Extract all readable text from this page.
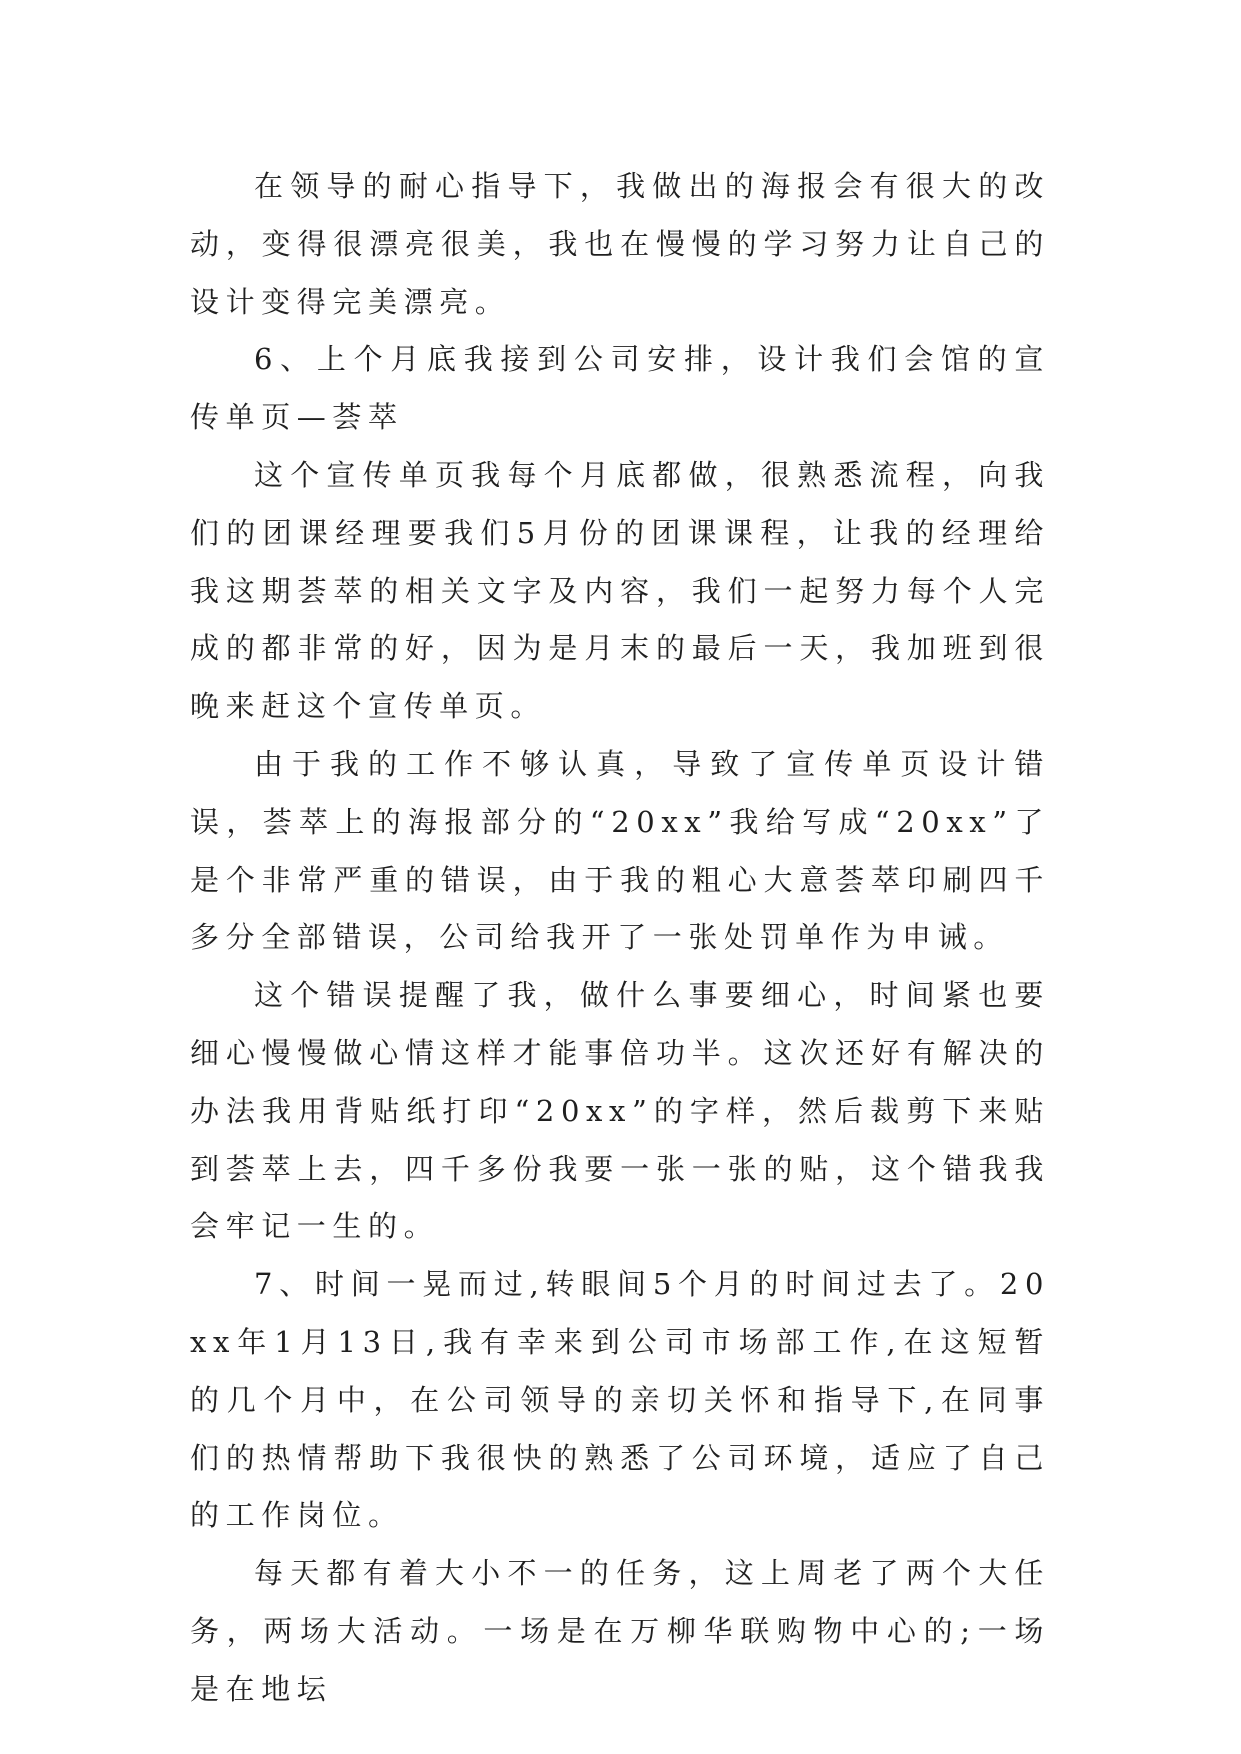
在领导的耐心指导下，我做出的海报会有很大的改动，变得很漂亮很美，我也在慢慢的学习努力让自己的设计变得完美漂亮。

6、上个月底我接到公司安排，设计我们会馆的宣传单页—荟萃

这个宣传单页我每个月底都做，很熟悉流程，向我们的团课经理要我们5月份的团课课程，让我的经理给我这期荟萃的相关文字及内容，我们一起努力每个人完成的都非常的好，因为是月末的最后一天，我加班到很晚来赶这个宣传单页。

由于我的工作不够认真，导致了宣传单页设计错误，荟萃上的海报部分的“20xx”我给写成“20xx”了是个非常严重的错误，由于我的粗心大意荟萃印刷四千多分全部错误，公司给我开了一张处罚单作为申诫。

这个错误提醒了我，做什么事要细心，时间紧也要细心慢慢做心情这样才能事倍功半。这次还好有解决的办法我用背贴纸打印“20xx”的字样，然后裁剪下来贴到荟萃上去，四千多份我要一张一张的贴，这个错我我会牢记一生的。

7、时间一晃而过,转眼间5个月的时间过去了。20xx年1月13日,我有幸来到公司市场部工作,在这短暂的几个月中，在公司领导的亲切关怀和指导下,在同事们的热情帮助下我很快的熟悉了公司环境，适应了自己的工作岗位。

每天都有着大小不一的任务，这上周老了两个大任务，两场大活动。一场是在万柳华联购物中心的;一场是在地坛
